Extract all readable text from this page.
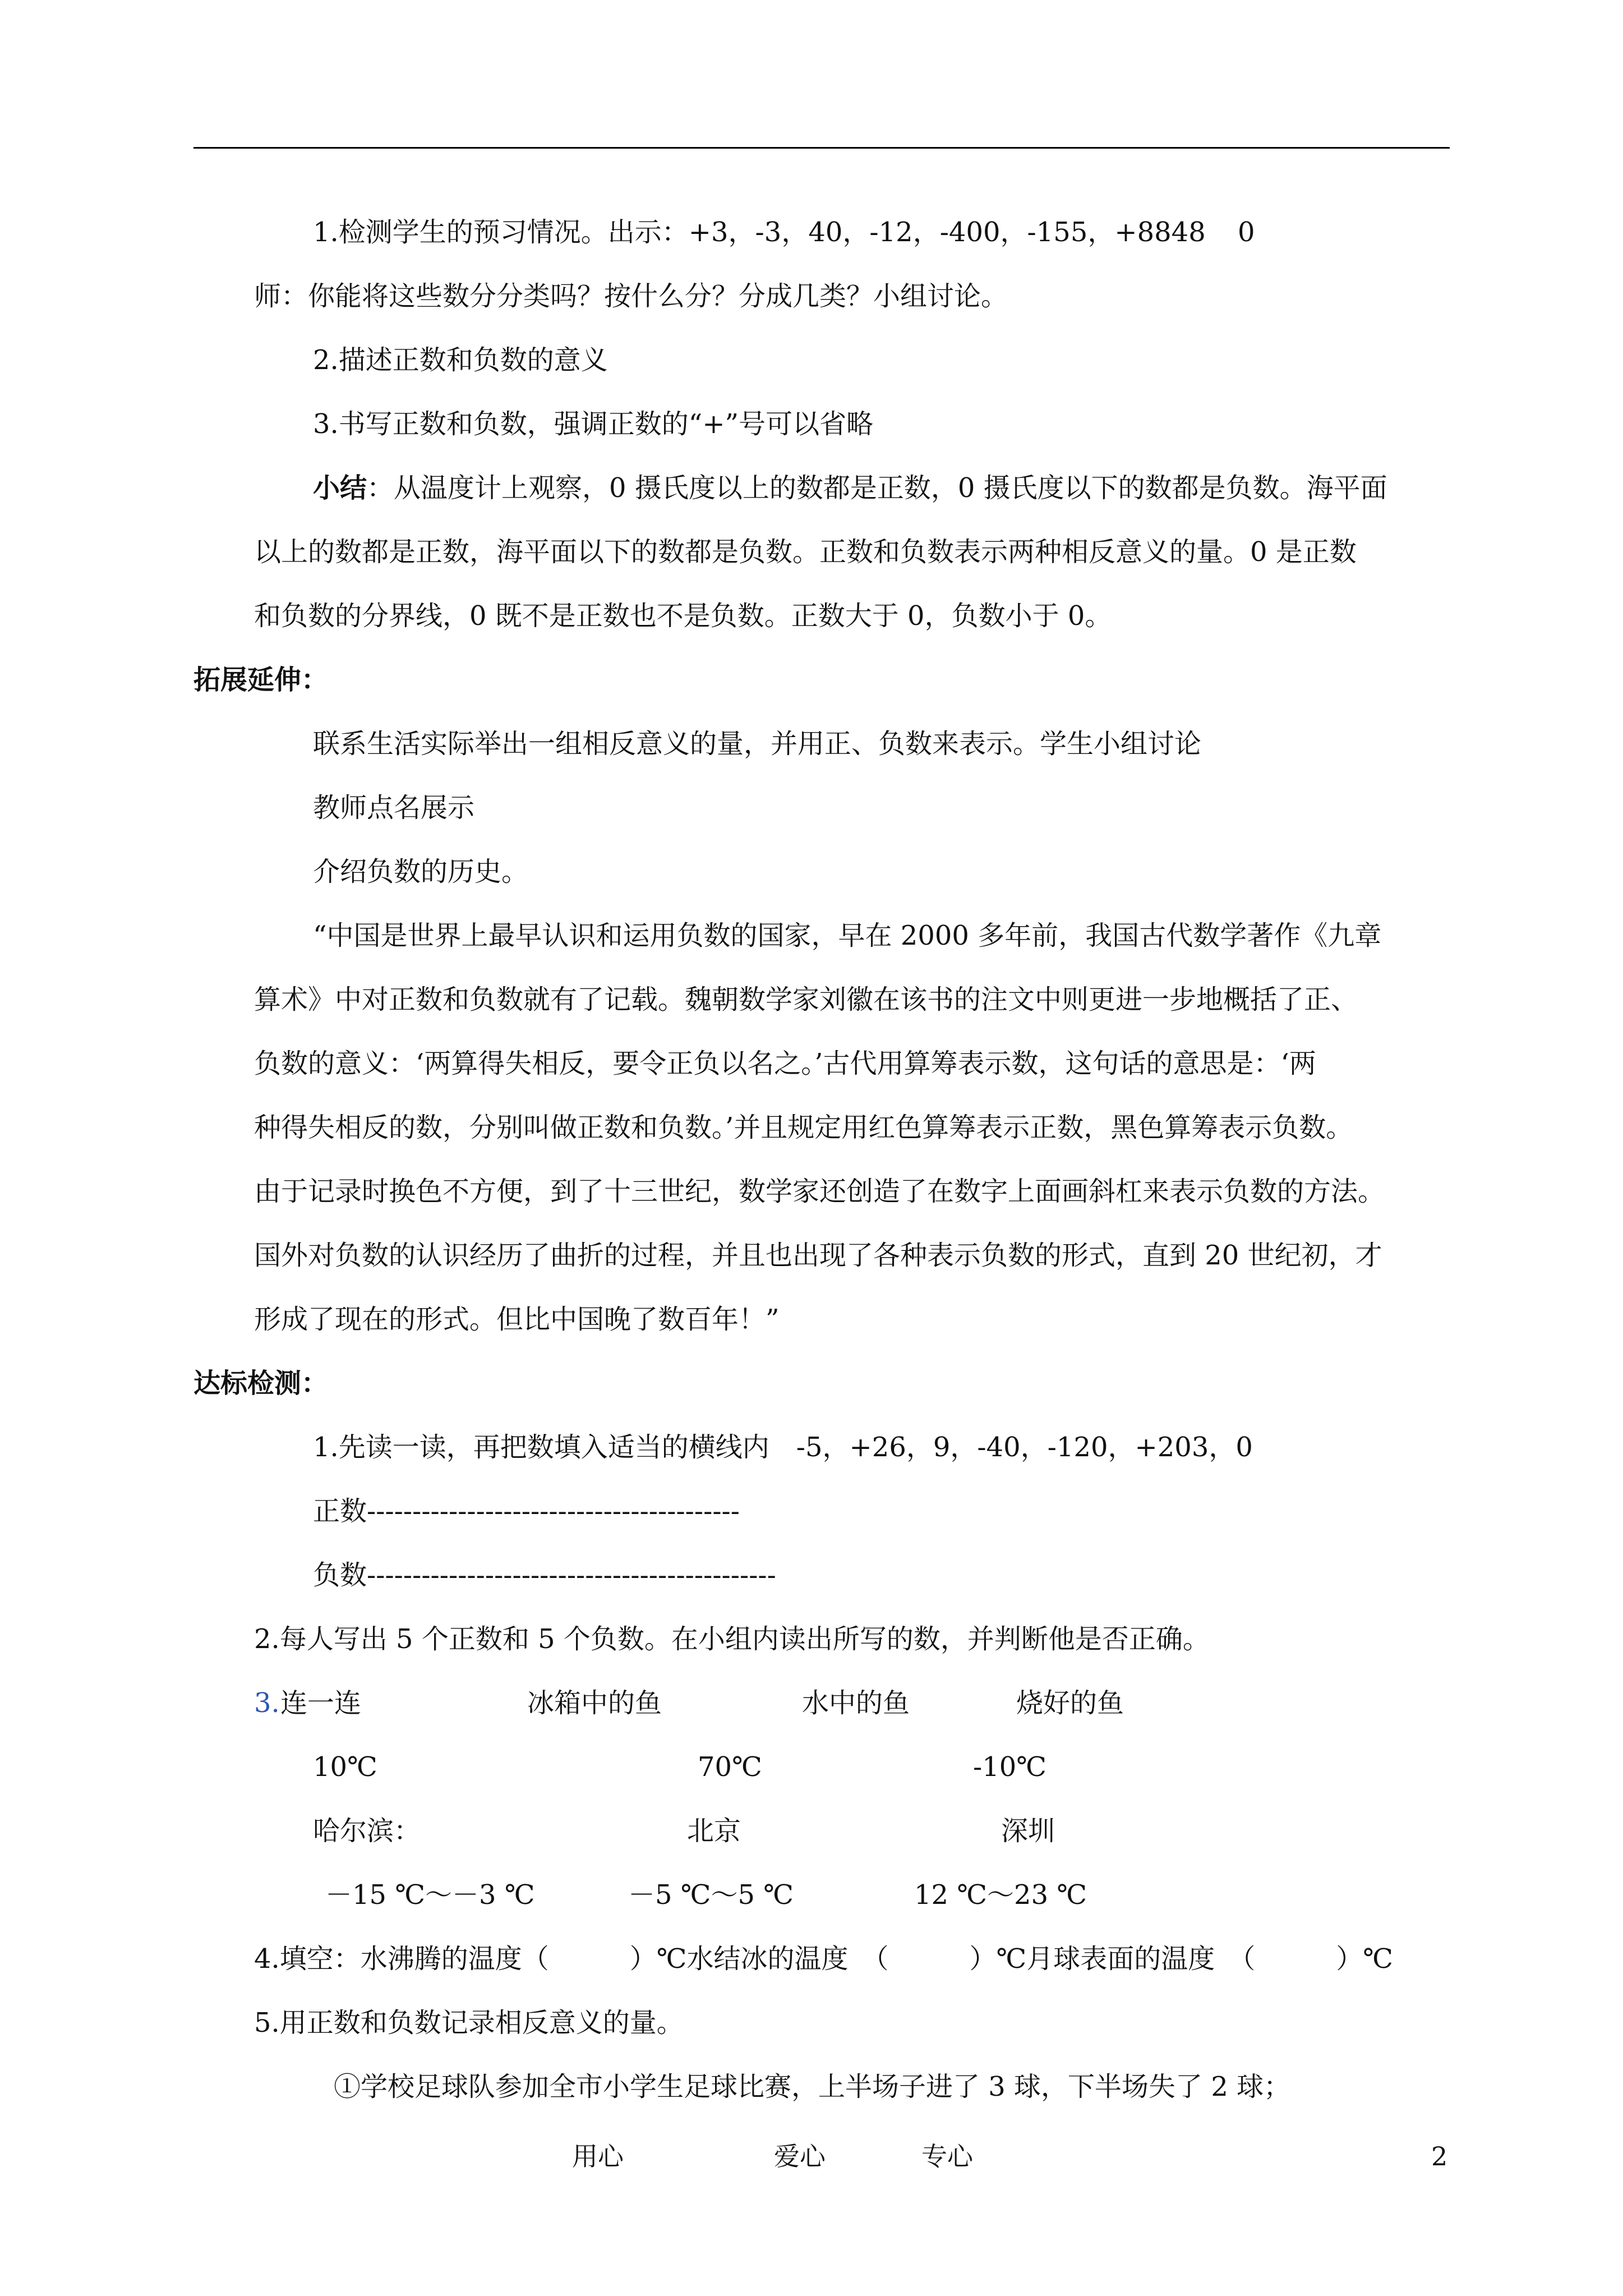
1.检测学生的预习情况。出示：+3，-3，40，-12，-400，-155，+8848 0
师：你能将这些数分分类吗？按什么分？分成几类？小组讨论。
2.描述正数和负数的意义
3.书写正数和负数，强调正数的“+”号可以省略
小结：从温度计上观察，0 摄氏度以上的数都是正数，0 摄氏度以下的数都是负数。海平面
以上的数都是正数，海平面以下的数都是负数。正数和负数表示两种相反意义的量。0 是正数
和负数的分界线，0 既不是正数也不是负数。正数大于 0，负数小于 0。
拓展延伸：
联系生活实际举出一组相反意义的量，并用正、负数来表示。学生小组讨论
教师点名展示
介绍负数的历史。
“中国是世界上最早认识和运用负数的国家，早在 2000 多年前，我国古代数学著作《九章
算术》中对正数和负数就有了记载。魏朝数学家刘徽在该书的注文中则更进一步地概括了正、
负数的意义：‘两算得失相反，要令正负以名之。’古代用算筹表示数，这句话的意思是：‘两
种得失相反的数，分别叫做正数和负数。’并且规定用红色算筹表示正数，黑色算筹表示负数。
由于记录时换色不方便，到了十三世纪，数学家还创造了在数字上面画斜杠来表示负数的方法。
国外对负数的认识经历了曲折的过程，并且也出现了各种表示负数的形式，直到 20 世纪初，才
形成了现在的形式。但比中国晚了数百年！”
达标检测：
1.先读一读，再把数填入适当的横线内　-5，+26，9，-40，-120，+203，0
正数-----------------------------------------
负数---------------------------------------------
2.每人写出 5 个正数和 5 个负数。在小组内读出所写的数，并判断他是否正确。
3. 连一连	冰箱中的鱼	水中的鱼	烧好的鱼
10℃	70℃	-10℃
哈尔滨：	北京	深圳
－15 ℃～－3 ℃	－5 ℃～5 ℃	12 ℃～23 ℃
4.填空：水沸腾的温度（　　　）℃水结冰的温度　（　　　）℃月球表面的温度　（　　　）℃
5.用正数和负数记录相反意义的量。
①学校足球队参加全市小学生足球比赛，上半场子进了 3 球，下半场失了 2 球；
用心	爱心	专心	2
